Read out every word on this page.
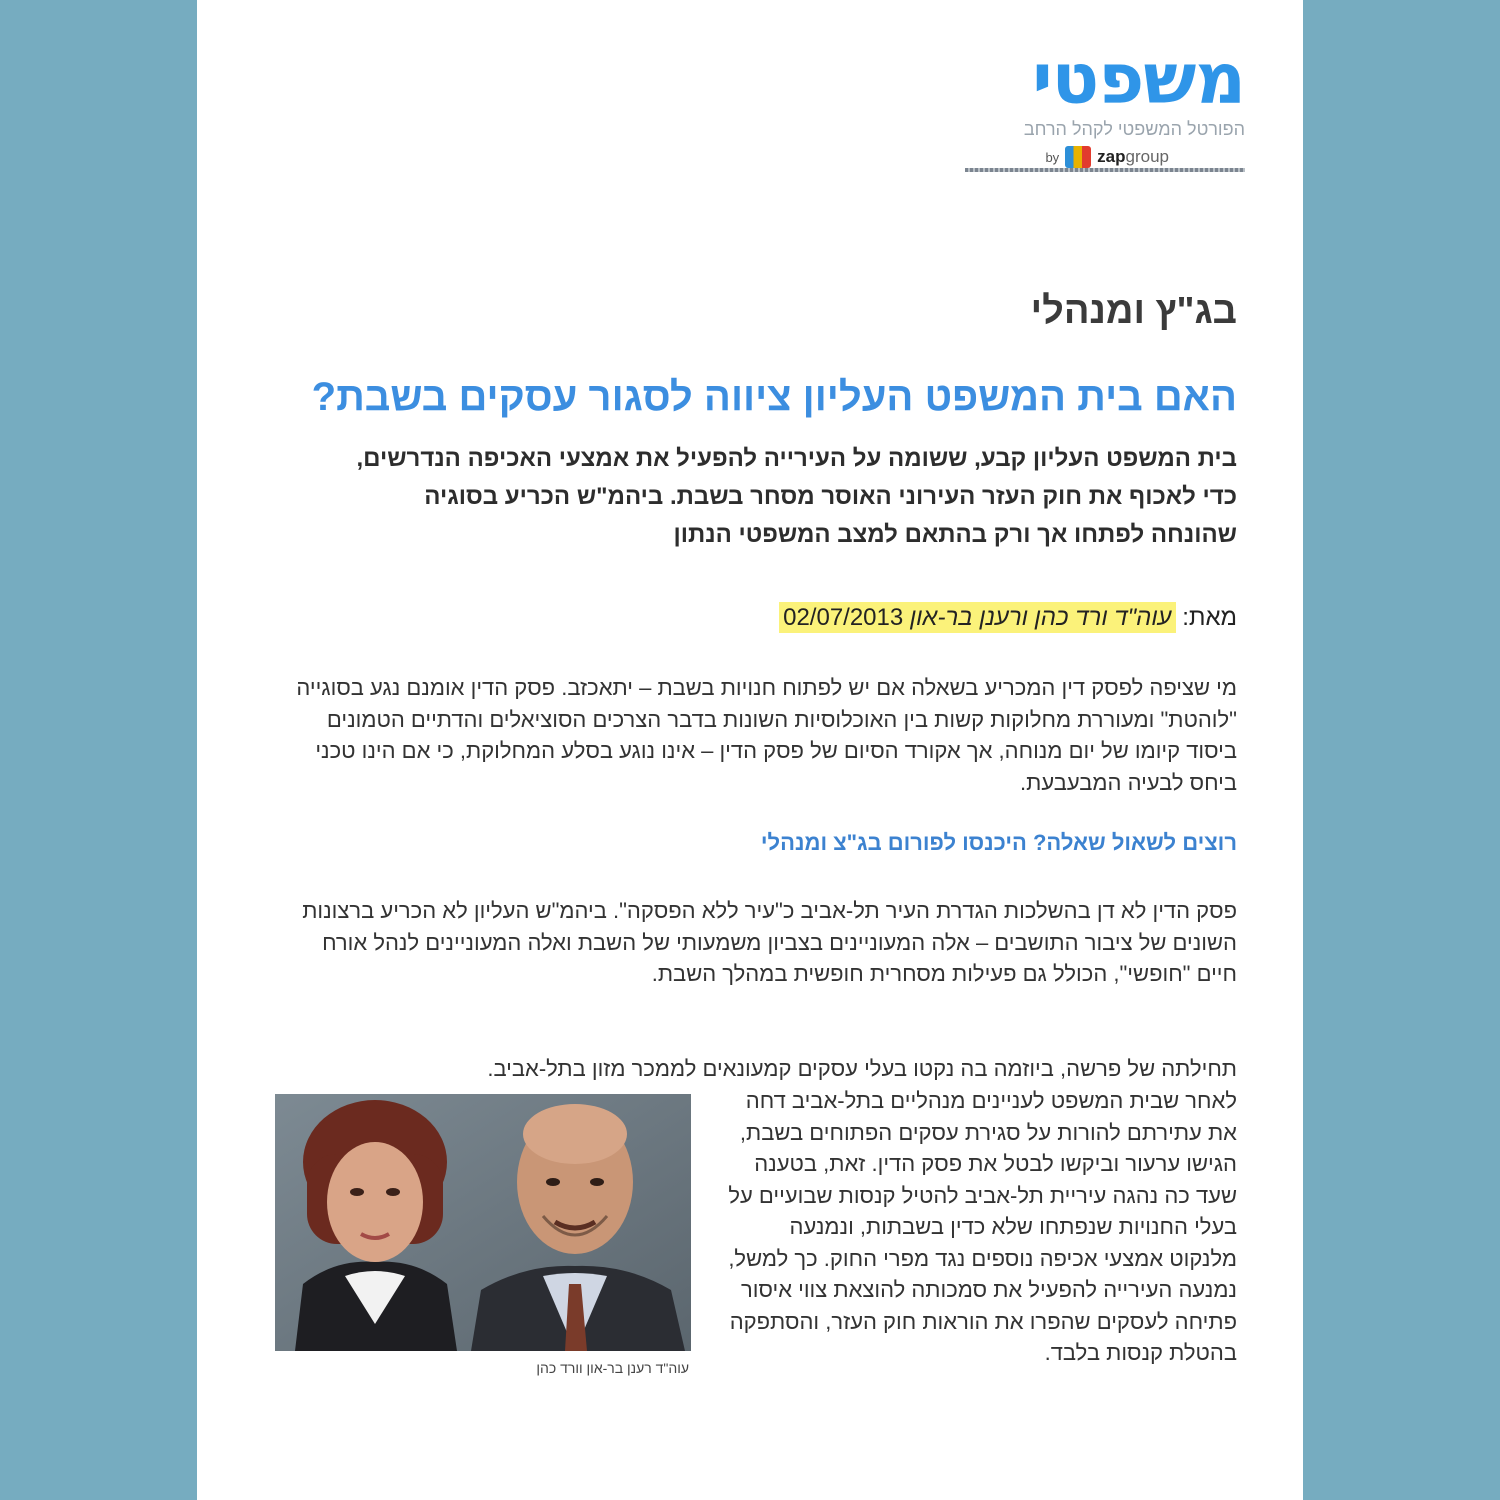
משפטי
הפורטל המשפטי לקהל הרחב
by zapgroup
בג"ץ ומנהלי
האם בית המשפט העליון ציווה לסגור עסקים בשבת?
בית המשפט העליון קבע, ששומה על העירייה להפעיל את אמצעי האכיפה הנדרשים, כדי לאכוף את חוק העזר העירוני האוסר מסחר בשבת. ביהמ"ש הכריע בסוגיה שהונחה לפתחו אך ורק בהתאם למצב המשפטי הנתון
מאת: עוה"ד ורד כהן ורענן בר-און 02/07/2013
מי שציפה לפסק דין המכריע בשאלה אם יש לפתוח חנויות בשבת – יתאכזב. פסק הדין אומנם נגע בסוגייה "לוהטת" ומעוררת מחלוקות קשות בין האוכלוסיות השונות בדבר הצרכים הסוציאלים והדתיים הטמונים ביסוד קיומו של יום מנוחה, אך אקורד הסיום של פסק הדין – אינו נוגע בסלע המחלוקת, כי אם הינו טכני ביחס לבעיה המבעבעת.
רוצים לשאול שאלה? היכנסו לפורום בג"צ ומנהלי
פסק הדין לא דן בהשלכות הגדרת העיר תל-אביב כ"עיר ללא הפסקה". ביהמ"ש העליון לא הכריע ברצונות השונים של ציבור התושבים – אלה המעוניינים בצביון משמעותי של השבת ואלה המעוניינים לנהל אורח חיים "חופשי", הכולל גם פעילות מסחרית חופשית במהלך השבת.
תחילתה של פרשה, ביוזמה בה נקטו בעלי עסקים קמעונאים לממכר מזון בתל-אביב.
לאחר שבית המשפט לעניינים מנהליים בתל-אביב דחה את עתירתם להורות על סגירת עסקים הפתוחים בשבת, הגישו ערעור וביקשו לבטל את פסק הדין. זאת, בטענה שעד כה נהגה עיריית תל-אביב להטיל קנסות שבועיים על בעלי החנויות שנפתחו שלא כדין בשבתות, ונמנעה מלנקוט אמצעי אכיפה נוספים נגד מפרי החוק. כך למשל, נמנעה העירייה להפעיל את סמכותה להוצאת צווי איסור פתיחה לעסקים שהפרו את הוראות חוק העזר, והסתפקה בהטלת קנסות בלבד.
עוה"ד רענן בר-און וורד כהן
